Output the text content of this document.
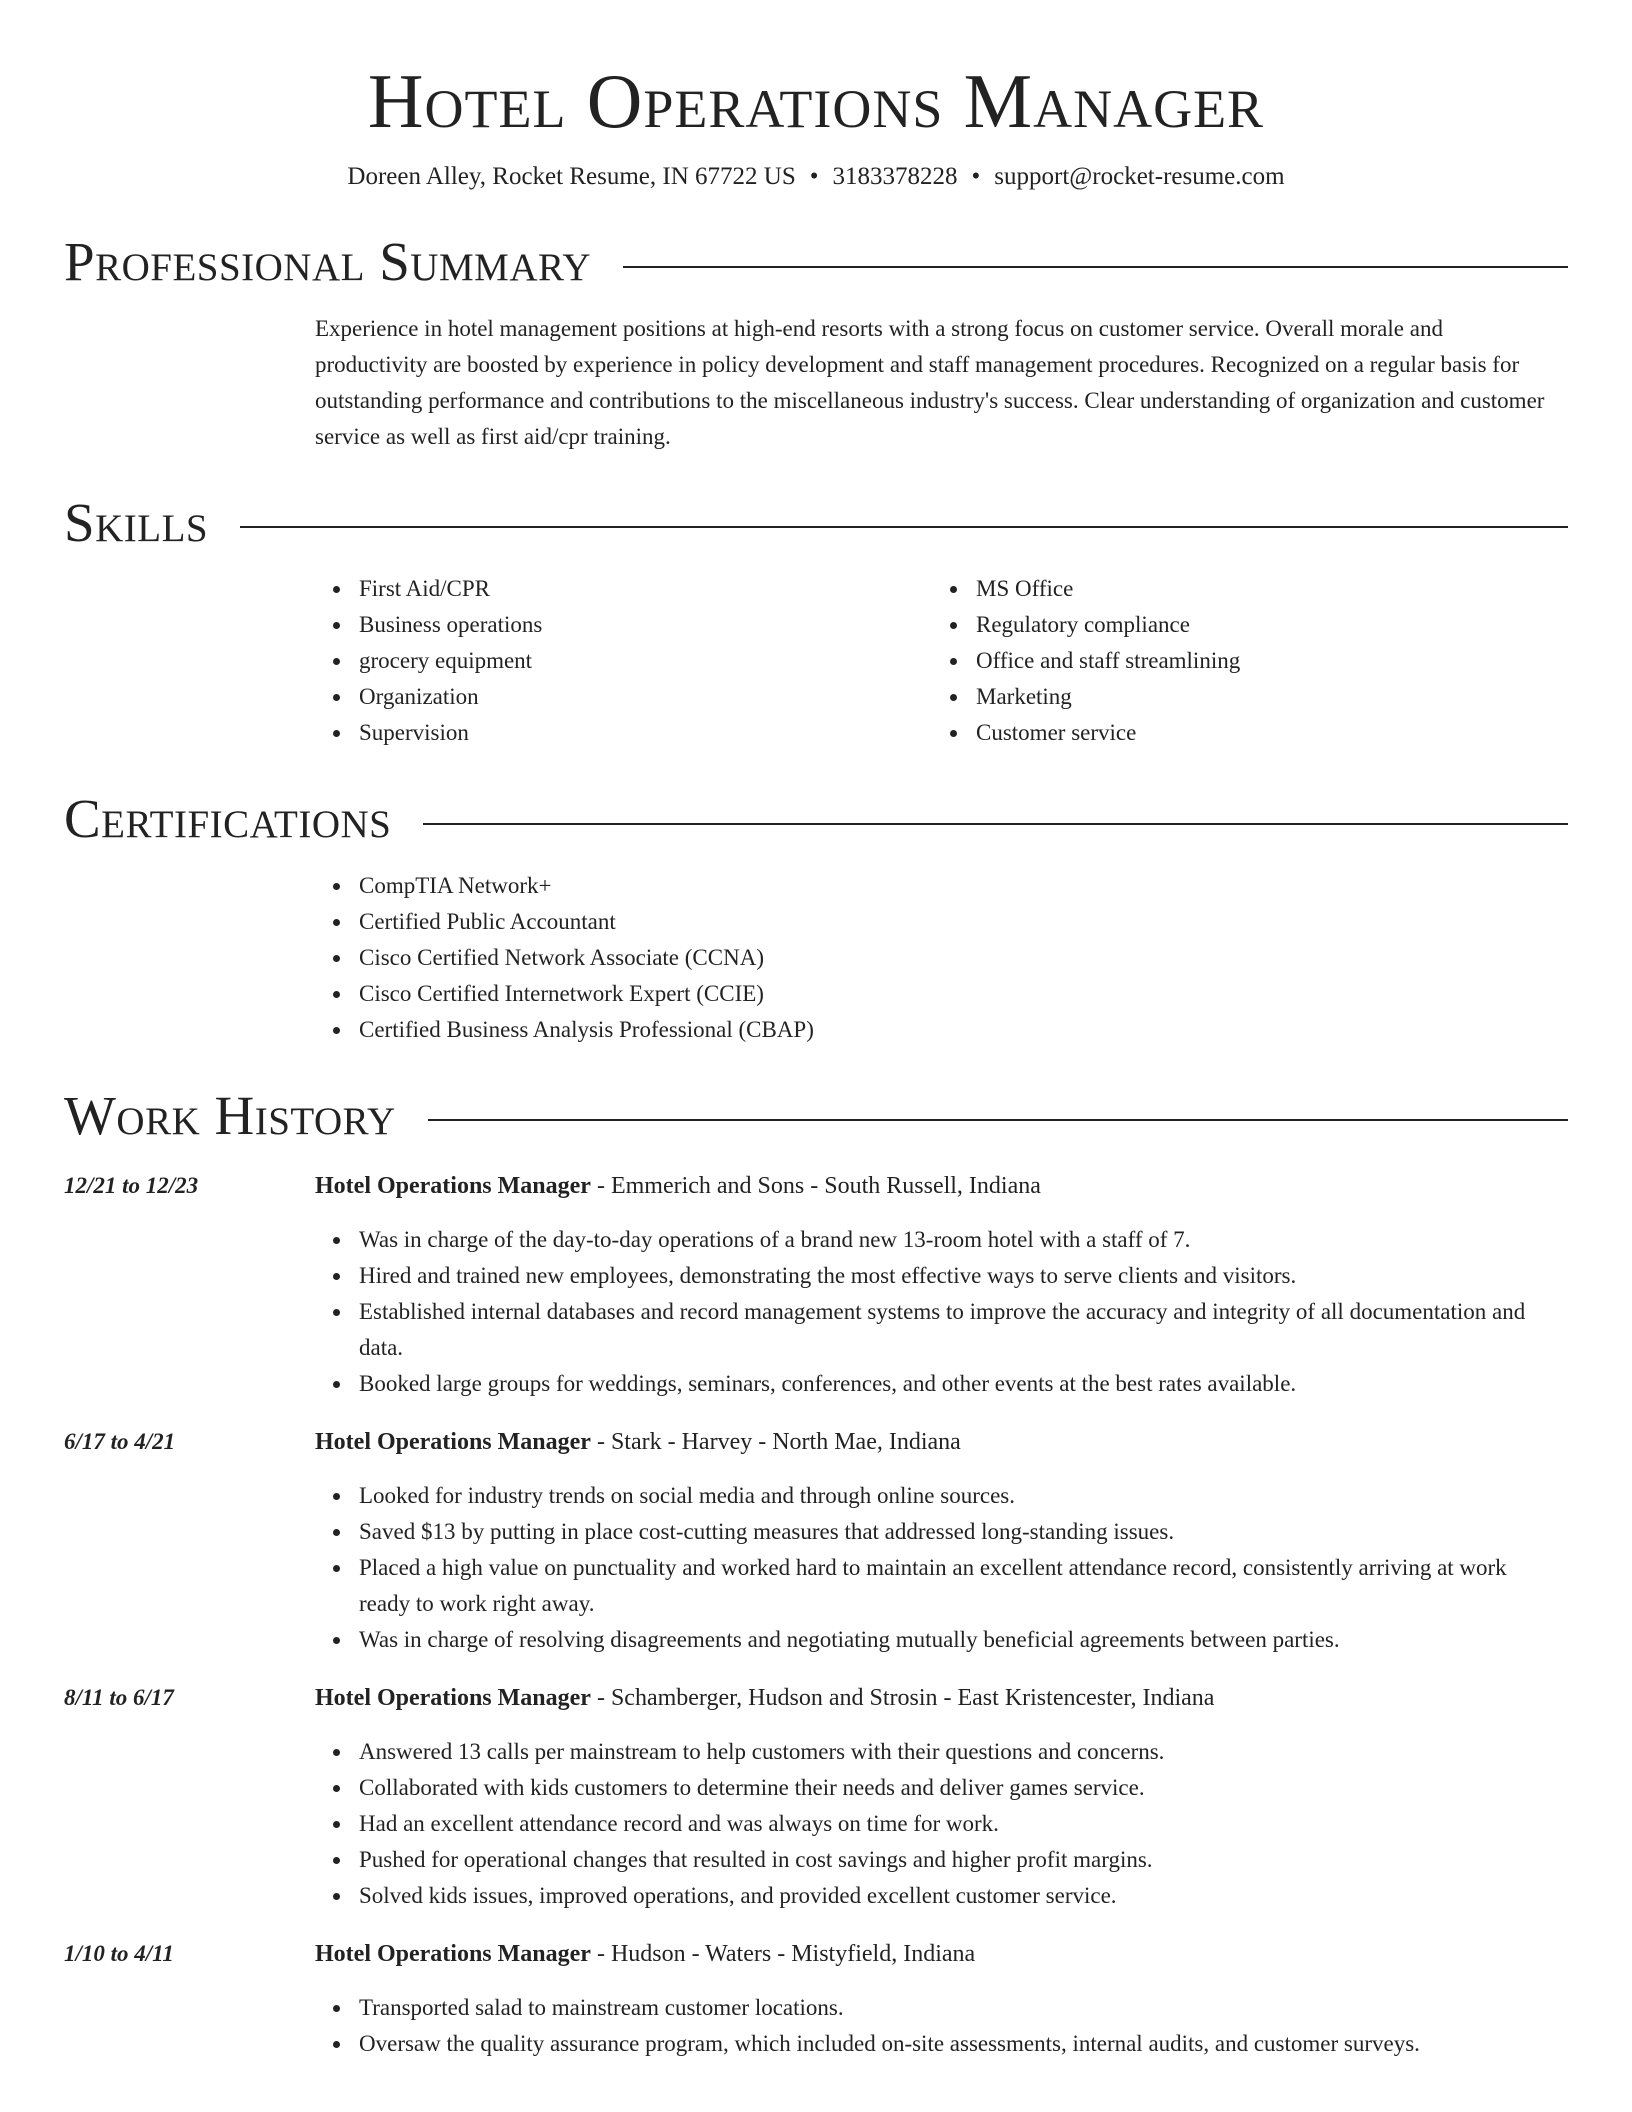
Hotel Operations Manager
Doreen Alley, Rocket Resume, IN 67722 US • 3183378228 • support@rocket-resume.com
Professional Summary
Experience in hotel management positions at high-end resorts with a strong focus on customer service. Overall morale and productivity are boosted by experience in policy development and staff management procedures. Recognized on a regular basis for outstanding performance and contributions to the miscellaneous industry's success. Clear understanding of organization and customer service as well as first aid/cpr training.
Skills
First Aid/CPR
Business operations
grocery equipment
Organization
Supervision
MS Office
Regulatory compliance
Office and staff streamlining
Marketing
Customer service
Certifications
CompTIA Network+
Certified Public Accountant
Cisco Certified Network Associate (CCNA)
Cisco Certified Internetwork Expert (CCIE)
Certified Business Analysis Professional (CBAP)
Work History
12/21 to 12/23	Hotel Operations Manager - Emmerich and Sons - South Russell, Indiana
Was in charge of the day-to-day operations of a brand new 13-room hotel with a staff of 7.
Hired and trained new employees, demonstrating the most effective ways to serve clients and visitors.
Established internal databases and record management systems to improve the accuracy and integrity of all documentation and data.
Booked large groups for weddings, seminars, conferences, and other events at the best rates available.
6/17 to 4/21	Hotel Operations Manager - Stark - Harvey - North Mae, Indiana
Looked for industry trends on social media and through online sources.
Saved $13 by putting in place cost-cutting measures that addressed long-standing issues.
Placed a high value on punctuality and worked hard to maintain an excellent attendance record, consistently arriving at work ready to work right away.
Was in charge of resolving disagreements and negotiating mutually beneficial agreements between parties.
8/11 to 6/17	Hotel Operations Manager - Schamberger, Hudson and Strosin - East Kristencester, Indiana
Answered 13 calls per mainstream to help customers with their questions and concerns.
Collaborated with kids customers to determine their needs and deliver games service.
Had an excellent attendance record and was always on time for work.
Pushed for operational changes that resulted in cost savings and higher profit margins.
Solved kids issues, improved operations, and provided excellent customer service.
1/10 to 4/11	Hotel Operations Manager - Hudson - Waters - Mistyfield, Indiana
Transported salad to mainstream customer locations.
Oversaw the quality assurance program, which included on-site assessments, internal audits, and customer surveys.
